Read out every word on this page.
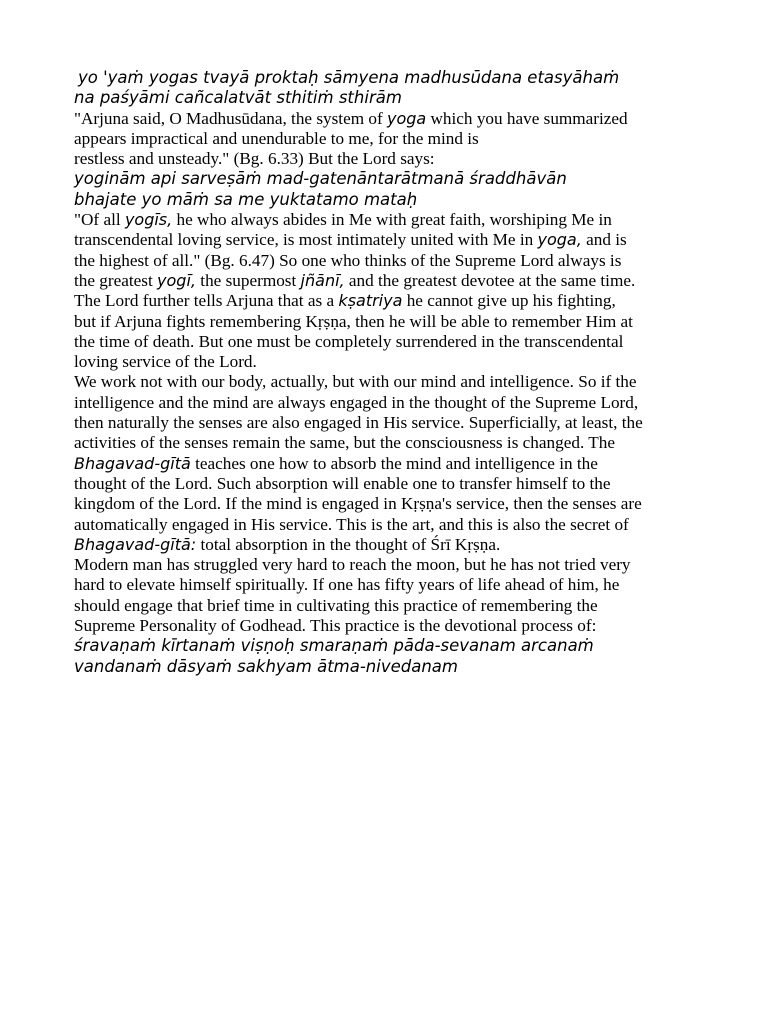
yo 'yaṁ yogas tvayā proktaḥ sāmyena madhusūdana etasyāhaṁ
na paśyāmi cañcalatvāt sthitiṁ sthirām

"Arjuna said, O Madhusūdana, the system of yoga which you have summarized
appears impractical and unendurable to me, for the mind is
restless and unsteady." (Bg. 6.33) But the Lord says:

yoginām api sarveṣāṁ mad-gatenāntarātmanā śraddhāvān
bhajate yo māṁ sa me yuktatamo mataḥ

"Of all yogīs, he who always abides in Me with great faith, worshiping Me in
transcendental loving service, is most intimately united with Me in yoga, and is
the highest of all." (Bg. 6.47) So one who thinks of the Supreme Lord always is
the greatest yogī, the supermost jñānī, and the greatest devotee at the same time.
The Lord further tells Arjuna that as a kṣatriya he cannot give up his fighting,
but if Arjuna fights remembering Kṛṣṇa, then he will be able to remember Him at
the time of death. But one must be completely surrendered in the transcendental
loving service of the Lord.

We work not with our body, actually, but with our mind and intelligence. So if the
intelligence and the mind are always engaged in the thought of the Supreme Lord,
then naturally the senses are also engaged in His service. Superficially, at least, the
activities of the senses remain the same, but the consciousness is changed. The
Bhagavad-gītā teaches one how to absorb the mind and intelligence in the
thought of the Lord. Such absorption will enable one to transfer himself to the
kingdom of the Lord. If the mind is engaged in Kṛṣṇa's service, then the senses are
automatically engaged in His service. This is the art, and this is also the secret of
Bhagavad-gītā: total absorption in the thought of Śrī Kṛṣṇa.

Modern man has struggled very hard to reach the moon, but he has not tried very
hard to elevate himself spiritually. If one has fifty years of life ahead of him, he
should engage that brief time in cultivating this practice of remembering the
Supreme Personality of Godhead. This practice is the devotional process of:

śravaṇaṁ kīrtanaṁ viṣṇoḥ smaraṇaṁ pāda-sevanam arcanaṁ
vandanaṁ dāsyaṁ sakhyam ātma-nivedanam
